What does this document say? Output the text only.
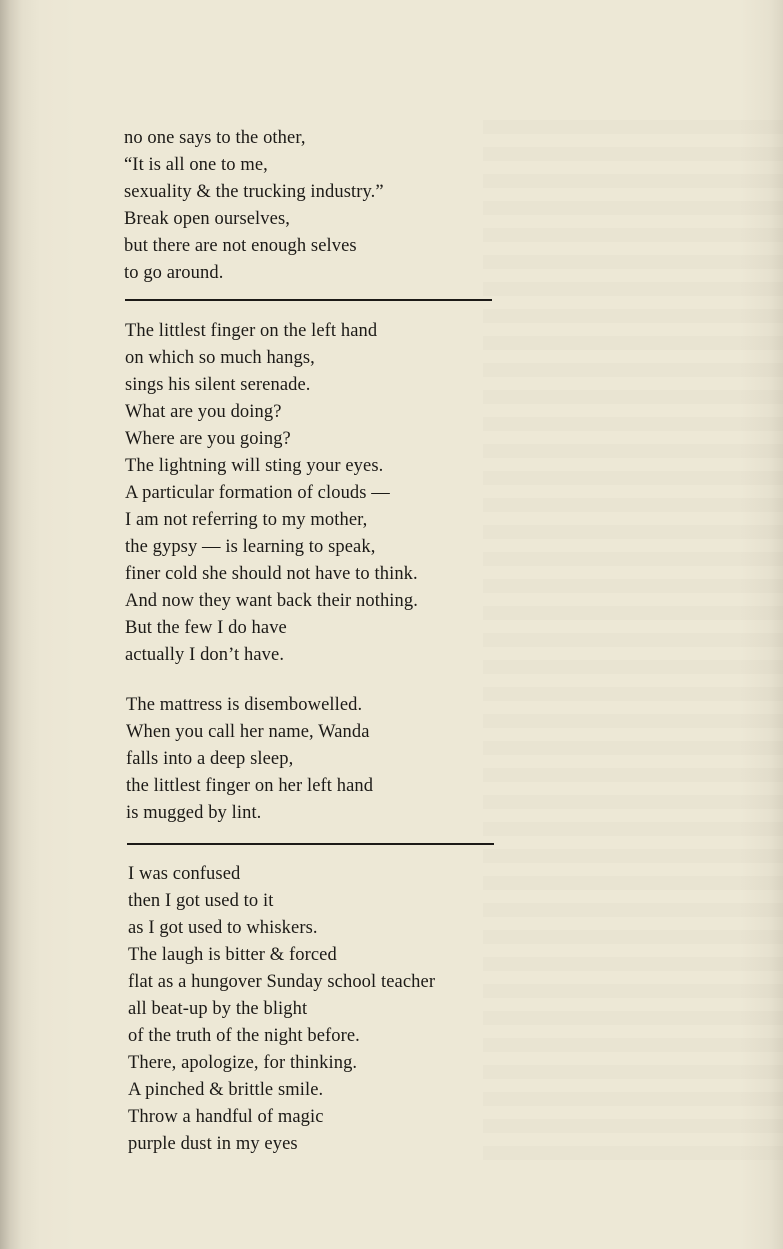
no one says to the other,
“It is all one to me,
sexuality & the trucking industry.”
Break open ourselves,
but there are not enough selves
to go around.
The littlest finger on the left hand
on which so much hangs,
sings his silent serenade.
What are you doing?
Where are you going?
The lightning will sting your eyes.
A particular formation of clouds —
I am not referring to my mother,
the gypsy — is learning to speak,
finer cold she should not have to think.
And now they want back their nothing.
But the few I do have
actually I don’t have.
The mattress is disembowelled.
When you call her name, Wanda
falls into a deep sleep,
the littlest finger on her left hand
is mugged by lint.
I was confused
then I got used to it
as I got used to whiskers.
The laugh is bitter & forced
flat as a hungover Sunday school teacher
all beat-up by the blight
of the truth of the night before.
There, apologize, for thinking.
A pinched & brittle smile.
Throw a handful of magic
purple dust in my eyes
